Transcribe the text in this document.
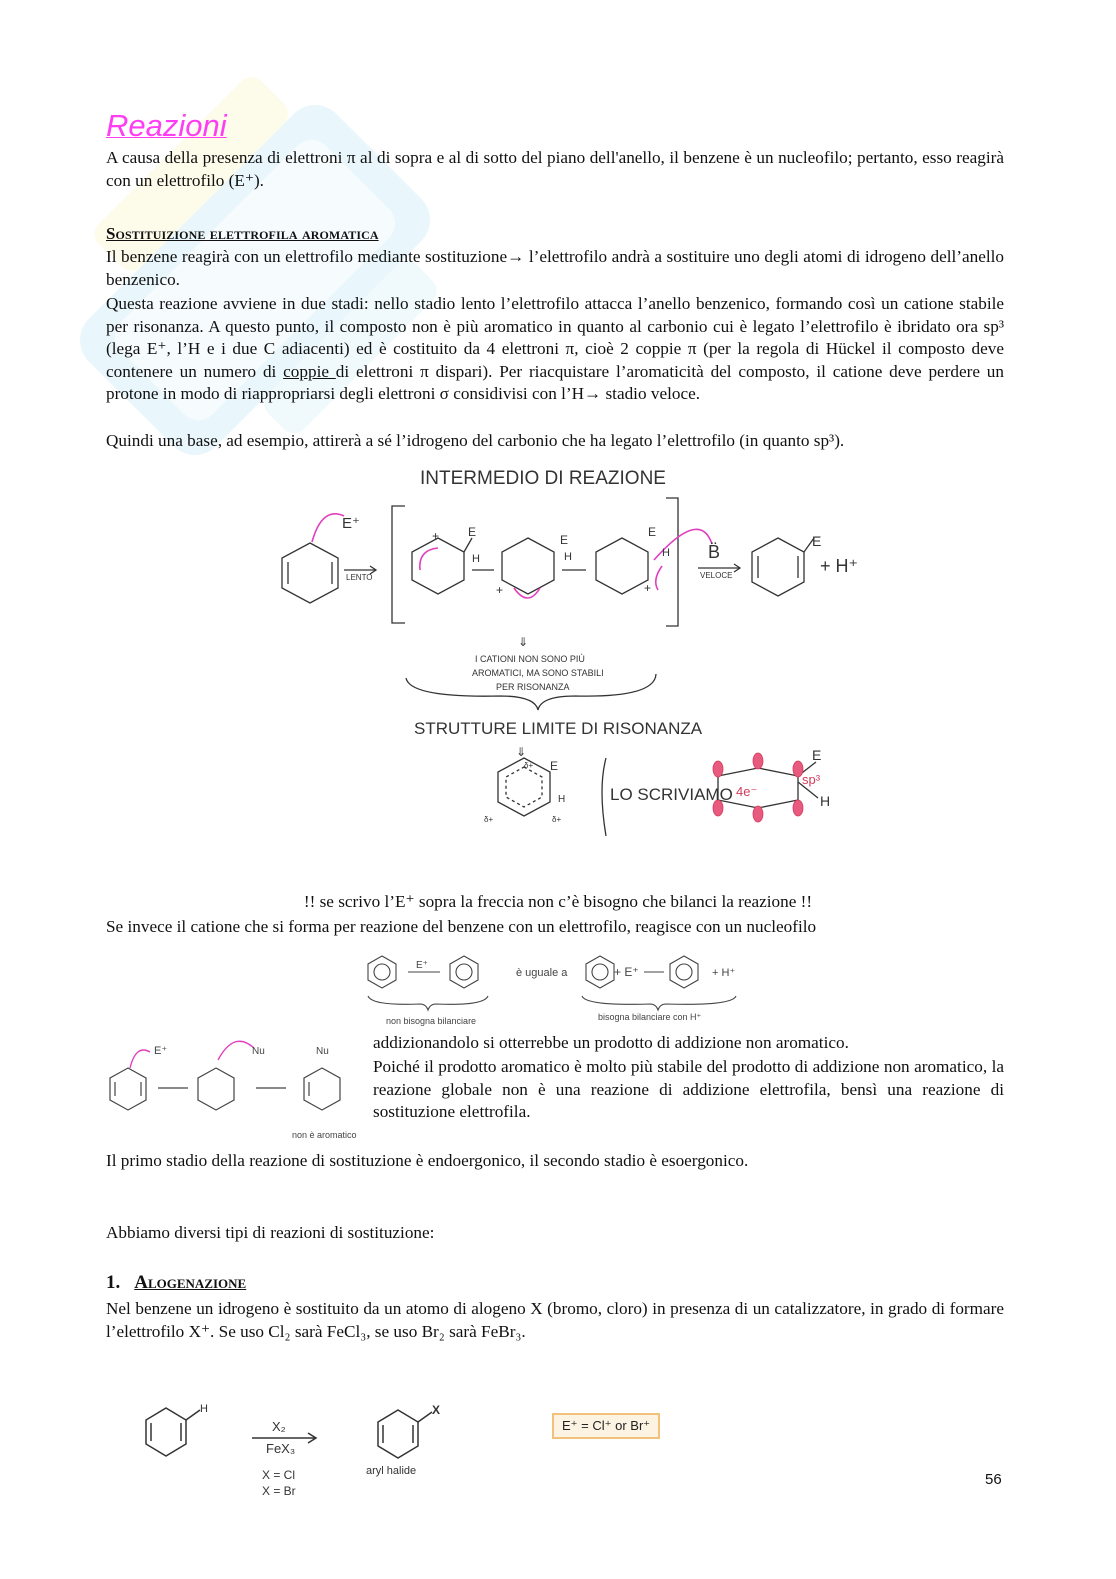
Reazioni

A causa della presenza di elettroni π al di sopra e al di sotto del piano dell'anello, il benzene è un nucleofilo; pertanto, esso reagirà con un elettrofilo (E⁺).

Sostituizione elettrofila aromatica

Il benzene reagirà con un elettrofilo mediante sostituzione→ l’elettrofilo andrà a sostituire uno degli atomi di idrogeno dell’anello benzenico.

Questa reazione avviene in due stadi: nello stadio lento l’elettrofilo attacca l’anello benzenico, formando così un catione stabile per risonanza. A questo punto, il composto non è più aromatico in quanto al carbonio cui è legato l’elettrofilo è ibridato ora sp³ (lega E⁺, l’H e i due C adiacenti) ed è costituito da 4 elettroni π, cioè 2 coppie π (per la regola di Hückel il composto deve contenere un numero di coppie di elettroni π dispari). Per riacquistare l’aromaticità del composto, il catione deve perdere un protone in modo di riappropriarsi degli elettroni σ considivisi con l’H→ stadio veloce.

Quindi una base, ad esempio, attirerà a sé l’idrogeno del carbonio che ha legato l’elettrofilo (in quanto sp³).

INTERMEDIO DI REAZIONE
E⁺
LENTO
E
H
+	E
H
+
E
H
+
B̈
VELOCE
E
+ H⁺
⇓
I CATIONI NON SONO PIÙ
AROMATICI, MA SONO STABILI
PER RISONANZA
STRUTTURE LIMITE DI RISONANZA
⇓
E
H
δ+
δ+	δ+
LO SCRIVIAMO 4e⁻
E
sp³
H

!! se scrivo l’E⁺ sopra la freccia non c’è bisogno che bilanci la reazione !!

Se invece il catione che si forma per reazione del benzene con un elettrofilo, reagisce con un nucleofilo

E⁺
è uguale a	+ E⁺	+ H⁺
non bisogna bilanciare	bisogna bilanciare con H⁺
E⁺	Nu	Nu
non è aromatico

addizionandolo si otterrebbe un prodotto di addizione non aromatico.

Poiché il prodotto aromatico è molto più stabile del prodotto di addizione non aromatico, la reazione globale non è una reazione di addizione elettrofila, bensì una reazione di sostituzione elettrofila.

Il primo stadio della reazione di sostituzione è endoergonico, il secondo stadio è esoergonico.

Abbiamo diversi tipi di reazioni di sostituzione:

1. Alogenazione

Nel benzene un idrogeno è sostituito da un atomo di alogeno X (bromo, cloro) in presenza di un catalizzatore, in grado di formare l’elettrofilo X⁺. Se uso Cl₂ sarà FeCl₃, se uso Br₂ sarà FeBr₃.

H
X₂
FeX₃
X = Cl
X = Br
X
aryl halide
E⁺ = Cl⁺ or Br⁺
56
